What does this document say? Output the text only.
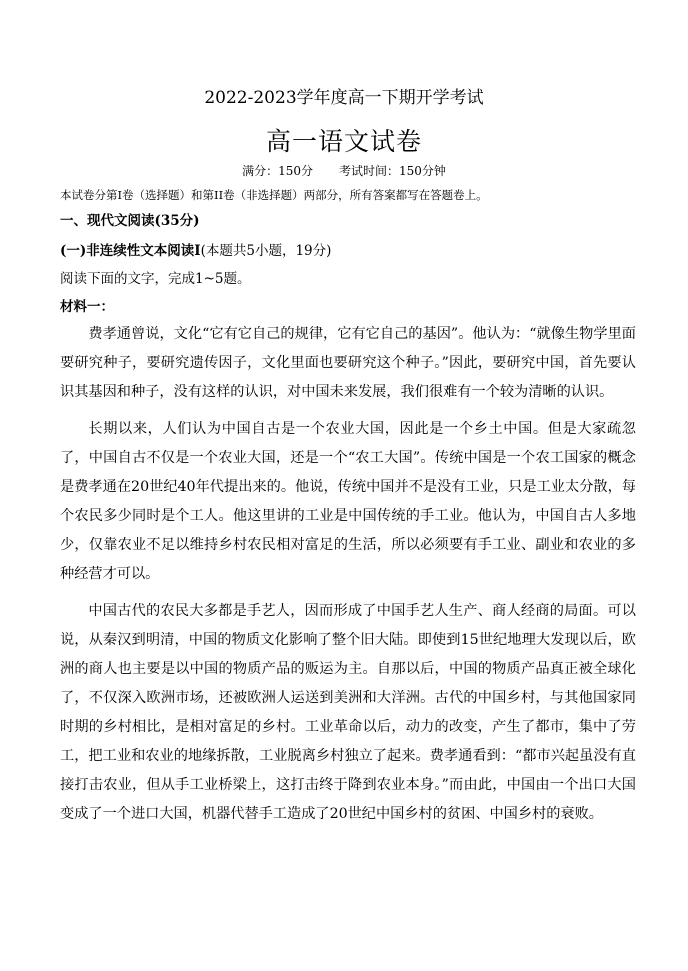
2022-2023学年度高一下期开学考试
高一语文试卷
满分：150分 考试时间：150分钟
本试卷分第Ⅰ卷（选择题）和第II卷（非选择题）两部分，所有答案都写在答题卷上。
一、现代文阅读(35分)
(一)非连续性文本阅读Ⅰ(本题共5小题，19分)
阅读下面的文字，完成1~5题。
材料一：

费孝通曾说，文化“它有它自己的规律，它有它自己的基因”。他认为：“就像生物学里面要研究种子，要研究遗传因子，文化里面也要研究这个种子。”因此，要研究中国，首先要认识其基因和种子，没有这样的认识，对中国未来发展，我们很难有一个较为清晰的认识。

长期以来，人们认为中国自古是一个农业大国，因此是一个乡土中国。但是大家疏忽了，中国自古不仅是一个农业大国，还是一个“农工大国”。传统中国是一个农工国家的概念是费孝通在20世纪40年代提出来的。他说，传统中国并不是没有工业，只是工业太分散，每个农民多少同时是个工人。他这里讲的工业是中国传统的手工业。他认为，中国自古人多地少，仅靠农业不足以维持乡村农民相对富足的生活，所以必须要有手工业、副业和农业的多种经营才可以。

中国古代的农民大多都是手艺人，因而形成了中国手艺人生产、商人经商的局面。可以说，从秦汉到明清，中国的物质文化影响了整个旧大陆。即使到15世纪地理大发现以后，欧洲的商人也主要是以中国的物质产品的贩运为主。自那以后，中国的物质产品真正被全球化了，不仅深入欧洲市场，还被欧洲人运送到美洲和大洋洲。古代的中国乡村，与其他国家同时期的乡村相比，是相对富足的乡村。工业革命以后，动力的改变，产生了都市，集中了劳工，把工业和农业的地缘拆散，工业脱离乡村独立了起来。费孝通看到：“都市兴起虽没有直接打击农业，但从手工业桥梁上，这打击终于降到农业本身。”而由此，中国由一个出口大国变成了一个进口大国，机器代替手工造成了20世纪中国乡村的贫困、中国乡村的衰败。
